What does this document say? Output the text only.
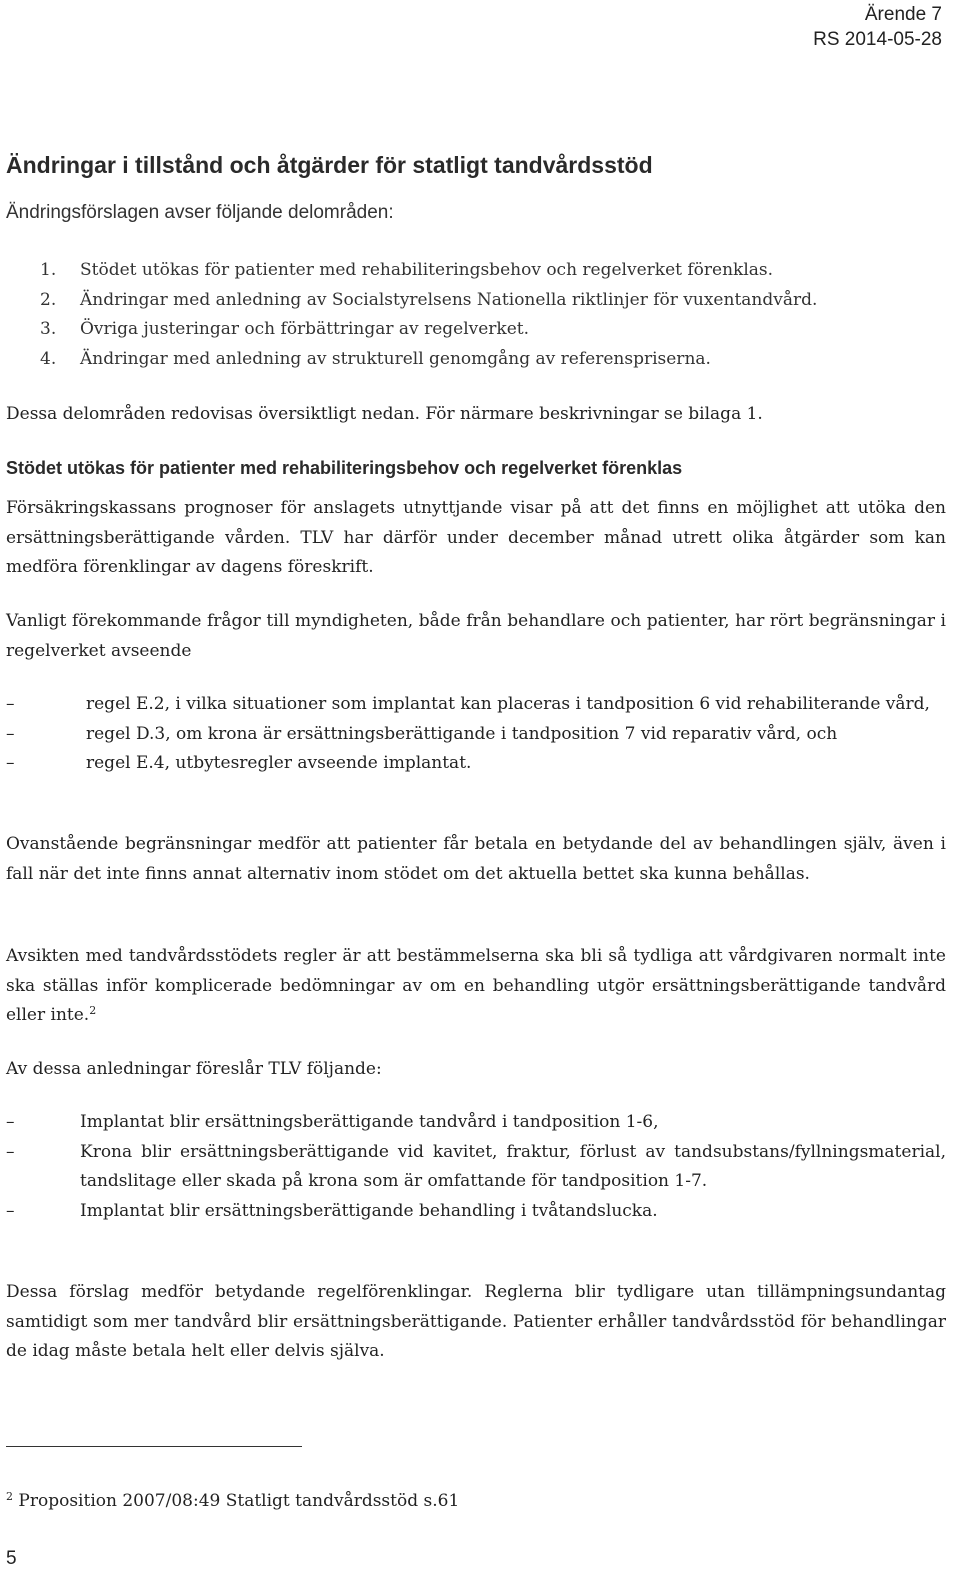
Ärende 7
RS 2014-05-28
Ändringar i tillstånd och åtgärder för statligt tandvårdsstöd

Ändringsförslagen avser följande delområden:

1. Stödet utökas för patienter med rehabiliteringsbehov och regelverket förenklas.
2. Ändringar med anledning av Socialstyrelsens Nationella riktlinjer för vuxentandvård.
3. Övriga justeringar och förbättringar av regelverket.
4. Ändringar med anledning av strukturell genomgång av referenspriserna.

Dessa delområden redovisas översiktligt nedan. För närmare beskrivningar se bilaga 1.

Stödet utökas för patienter med rehabiliteringsbehov och regelverket förenklas

Försäkringskassans prognoser för anslagets utnyttjande visar på att det finns en möjlighet att utöka den ersättningsberättigande vården. TLV har därför under december månad utrett olika åtgärder som kan medföra förenklingar av dagens föreskrift.

Vanligt förekommande frågor till myndigheten, både från behandlare och patienter, har rört begränsningar i regelverket avseende

–	regel E.2, i vilka situationer som implantat kan placeras i tandposition 6 vid rehabiliterande vård,
–	regel D.3, om krona är ersättningsberättigande i tandposition 7 vid reparativ vård, och
–	regel E.4, utbytesregler avseende implantat.

Ovanstående begränsningar medför att patienter får betala en betydande del av behandlingen själv, även i fall när det inte finns annat alternativ inom stödet om det aktuella bettet ska kunna behållas.

Avsikten med tandvårdsstödets regler är att bestämmelserna ska bli så tydliga att vårdgivaren normalt inte ska ställas inför komplicerade bedömningar av om en behandling utgör ersättningsberättigande tandvård eller inte.$^2$

Av dessa anledningar föreslår TLV följande:

–	Implantat blir ersättningsberättigande tandvård i tandposition 1-6,
–	Krona blir ersättningsberättigande vid kavitet, fraktur, förlust av tandsubstans/fyllningsmaterial, tandslitage eller skada på krona som är omfattande för tandposition 1-7.
–	Implantat blir ersättningsberättigande behandling i tvåtandslucka.

Dessa förslag medför betydande regelförenklingar. Reglerna blir tydligare utan tillämpningsundantag samtidigt som mer tandvård blir ersättningsberättigande. Patienter erhåller tandvårdsstöd för behandlingar de idag måste betala helt eller delvis själva.

$^2$ Proposition 2007/08:49 Statligt tandvårdsstöd s.61

5
